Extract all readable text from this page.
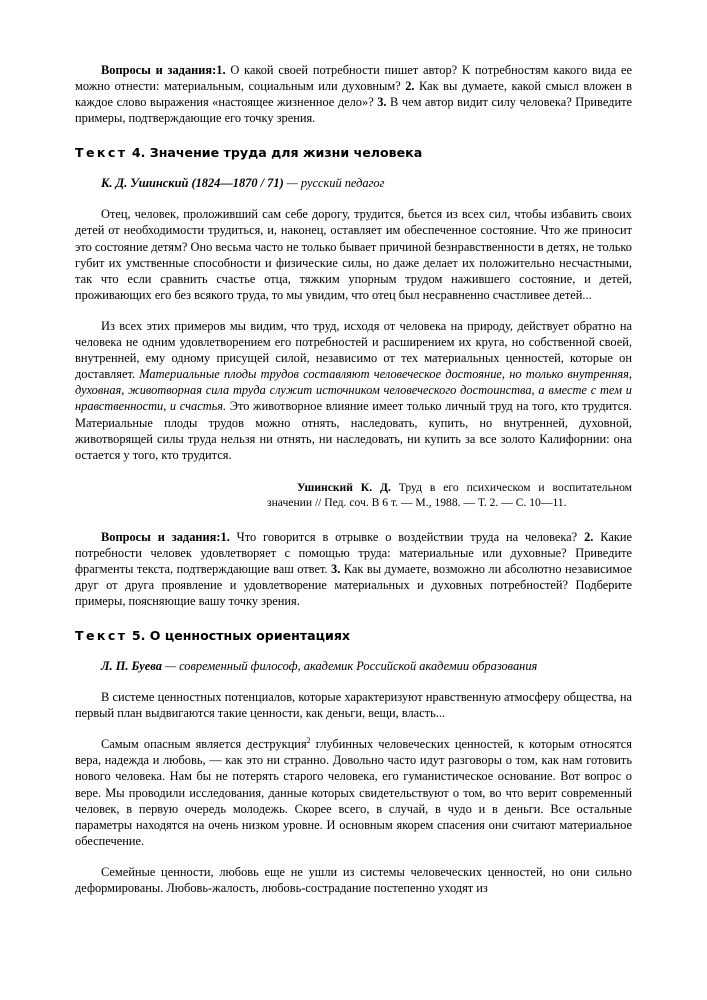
Вопросы и задания:1. О какой своей потребности пишет автор? К потребностям какого вида ее можно отнести: материальным, социальным или духовным? 2. Как вы думаете, какой смысл вложен в каждое слово выражения «настоящее жизненное дело»? 3. В чем автор видит силу человека? Приведите примеры, подтверждающие его точку зрения.

Текст 4. Значение труда для жизни человека

К. Д. Ушинский (1824—1870 / 71) — русский педагог

Отец, человек, проложивший сам себе дорогу, трудится, бьется из всех сил, чтобы избавить своих детей от необходимости трудиться, и, наконец, оставляет им обеспеченное состояние. Что же приносит это состояние детям? Оно весьма часто не только бывает причиной безнравственности в детях, не только губит их умственные способности и физические силы, но даже делает их положительно несчастными, так что если сравнить счастье отца, тяжким упорным трудом нажившего состояние, и детей, проживающих его без всякого труда, то мы увидим, что отец был несравненно счастливее детей...

Из всех этих примеров мы видим, что труд, исходя от человека на природу, действует обратно на человека не одним удовлетворением его потребностей и расширением их круга, но собственной своей, внутренней, ему одному присущей силой, независимо от тех материальных ценностей, которые он доставляет. Материальные плоды трудов составляют человеческое достояние, но только внутренняя, духовная, животворная сила труда служит источником человеческого достоинства, а вместе с тем и нравственности, и счастья. Это животворное влияние имеет только личный труд на того, кто трудится. Материальные плоды трудов можно отнять, наследовать, купить, но внутренней, духовной, животворящей силы труда нельзя ни отнять, ни наследовать, ни купить за все золото Калифорнии: она остается у того, кто трудится.

Ушинский К. Д. Труд в его психическом и воспитательном значении // Пед. соч. В 6 т. — М., 1988. — Т. 2. — С. 10—11.

Вопросы и задания:1. Что говорится в отрывке о воздействии труда на человека? 2. Какие потребности человек удовлетворяет с помощью труда: материальные или духовные? Приведите фрагменты текста, подтверждающие ваш ответ. 3. Как вы думаете, возможно ли абсолютно независимое друг от друга проявление и удовлетворение материальных и духовных потребностей? Подберите примеры, поясняющие вашу точку зрения.

Текст 5. О ценностных ориентациях

Л. П. Буева — современный философ, академик Российской академии образования

В системе ценностных потенциалов, которые характеризуют нравственную атмосферу общества, на первый план выдвигаются такие ценности, как деньги, вещи, власть...

Самым опасным является деструкция$^2$ глубинных человеческих ценностей, к которым относятся вера, надежда и любовь, — как это ни странно. Довольно часто идут разговоры о том, как нам готовить нового человека. Нам бы не потерять старого человека, его гуманистическое основание. Вот вопрос о вере. Мы проводили исследования, данные которых свидетельствуют о том, во что верит современный человек, в первую очередь молодежь. Скорее всего, в случай, в чудо и в деньги. Все остальные параметры находятся на очень низком уровне. И основным якорем спасения они считают материальное обеспечение.

Семейные ценности, любовь еще не ушли из системы человеческих ценностей, но они сильно деформированы. Любовь-жалость, любовь-сострадание постепенно уходят из
